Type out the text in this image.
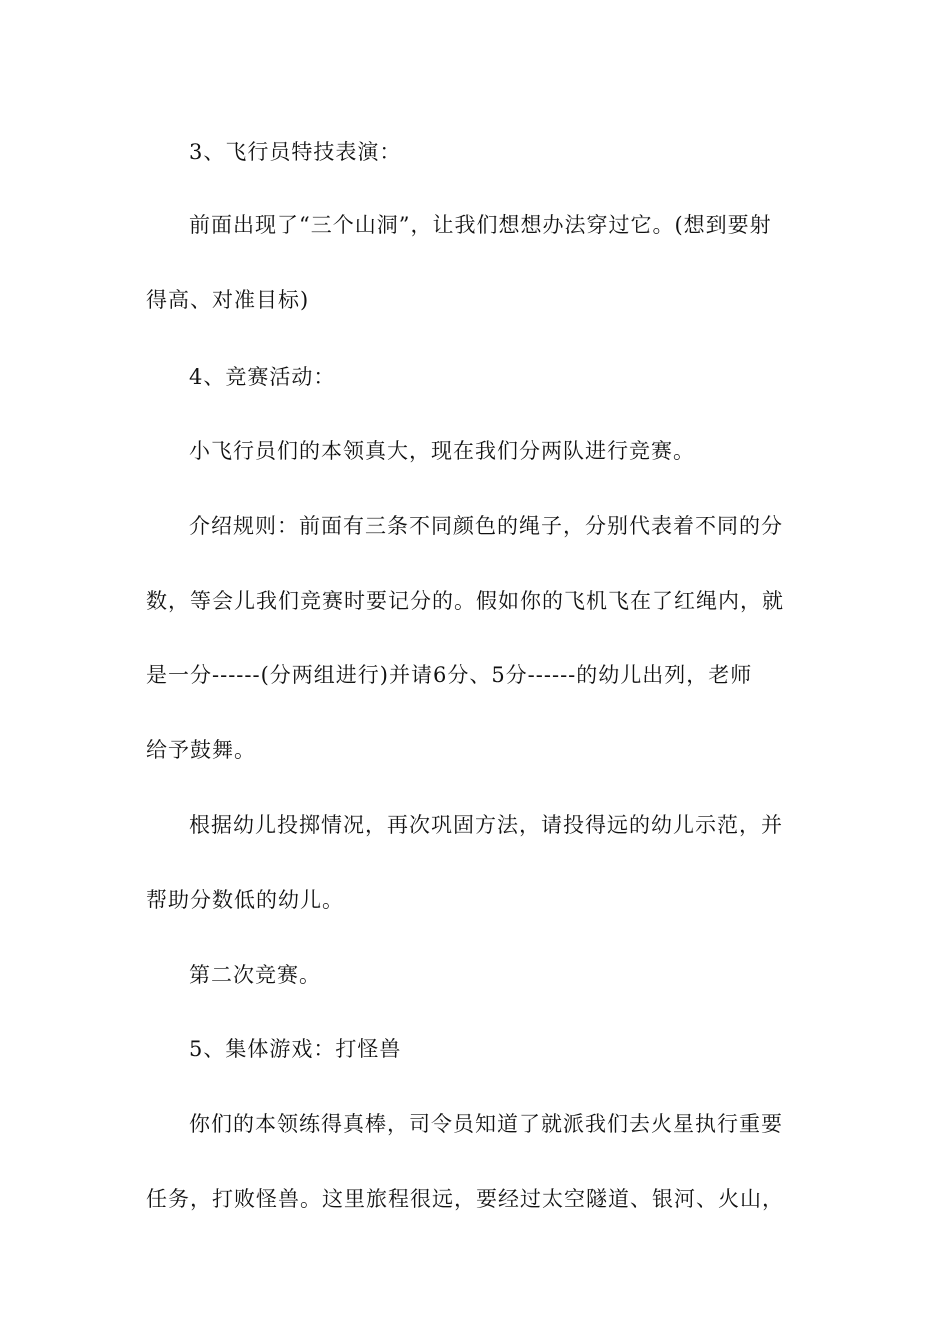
3、飞行员特技表演：

前面出现了“三个山洞”，让我们想想办法穿过它。(想到要射

得高、对准目标)

4、竞赛活动：

小飞行员们的本领真大，现在我们分两队进行竞赛。

介绍规则：前面有三条不同颜色的绳子，分别代表着不同的分

数，等会儿我们竞赛时要记分的。假如你的飞机飞在了红绳内，就

是一分------(分两组进行)并请6分、5分------的幼儿出列，老师

给予鼓舞。

根据幼儿投掷情况，再次巩固方法，请投得远的幼儿示范，并

帮助分数低的幼儿。

第二次竞赛。

5、集体游戏：打怪兽

你们的本领练得真棒，司令员知道了就派我们去火星执行重要

任务，打败怪兽。这里旅程很远，要经过太空隧道、银河、火山，
